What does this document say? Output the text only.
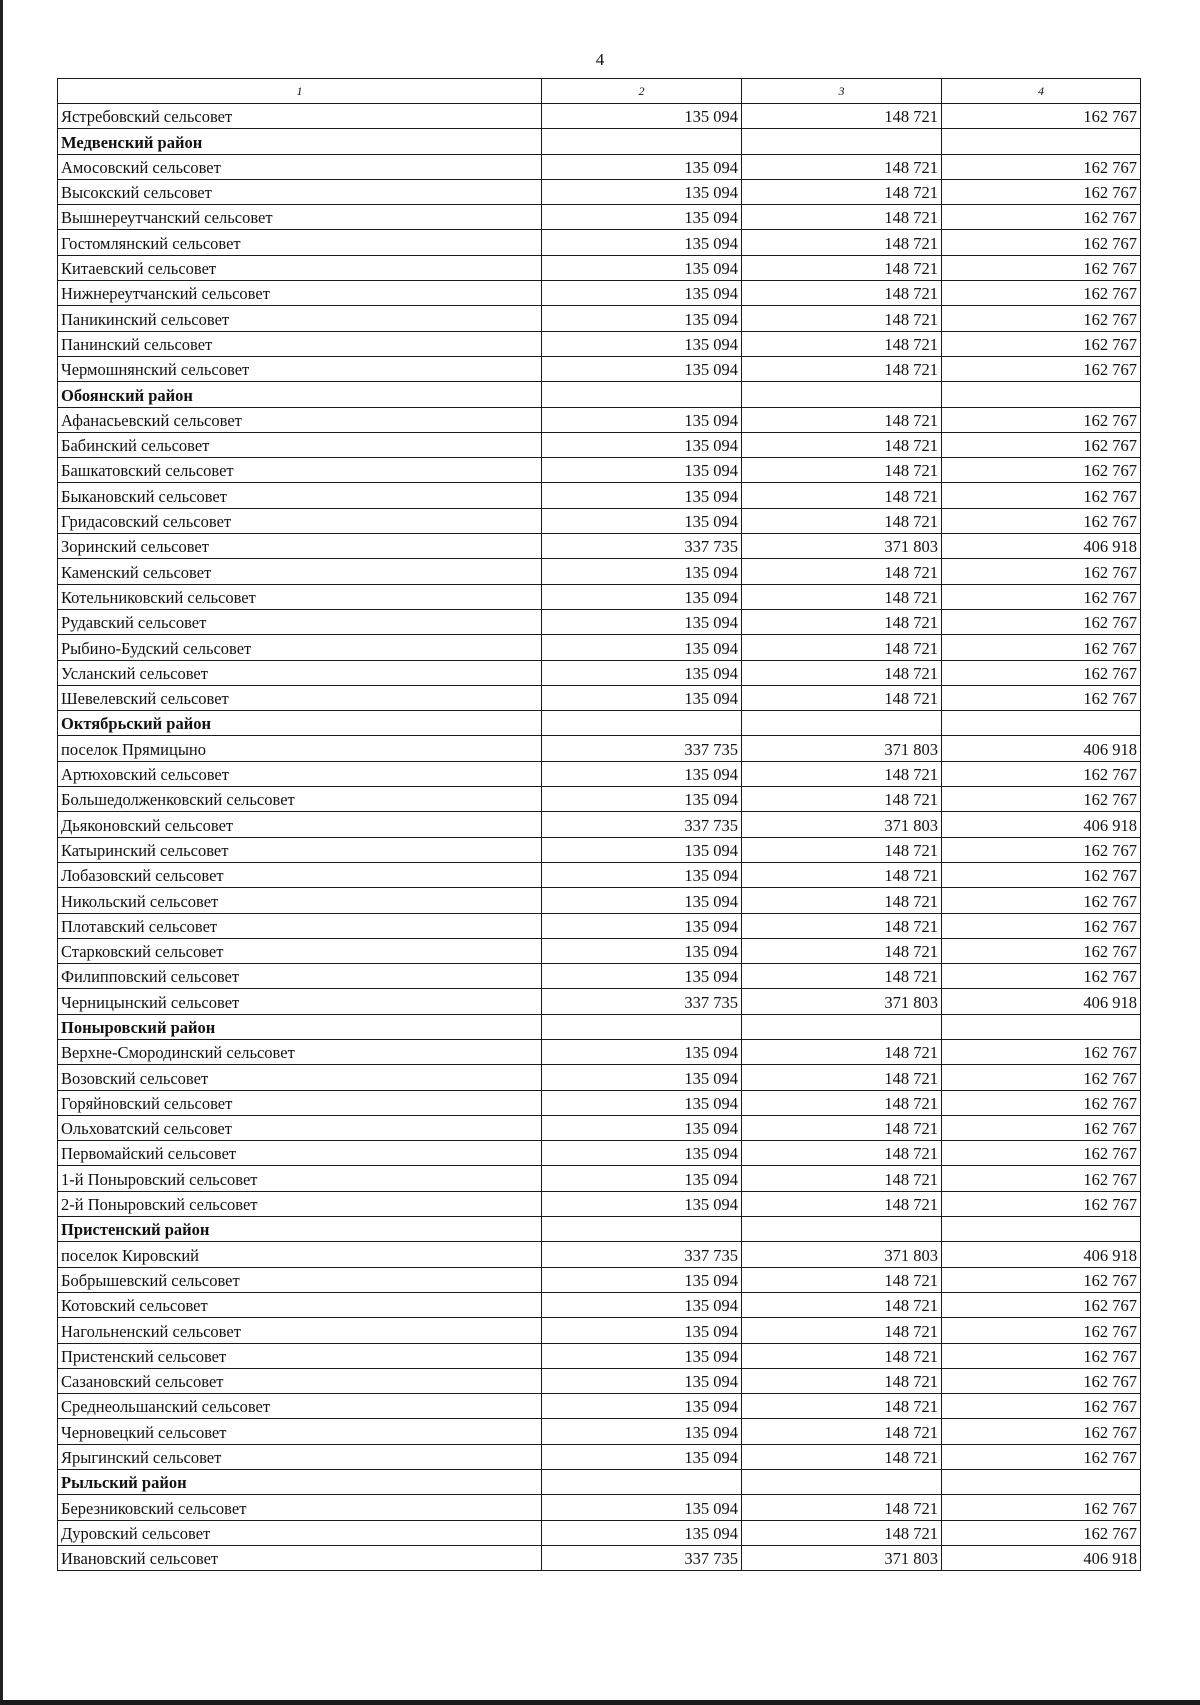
4
1	2	3	4
Ястребовский сельсовет	135 094	148 721	162 767
Медвенский район			
Амосовский сельсовет	135 094	148 721	162 767
Высокский сельсовет	135 094	148 721	162 767
Вышнереутчанский сельсовет	135 094	148 721	162 767
Гостомлянский сельсовет	135 094	148 721	162 767
Китаевский сельсовет	135 094	148 721	162 767
Нижнереутчанский сельсовет	135 094	148 721	162 767
Паникинский сельсовет	135 094	148 721	162 767
Панинский сельсовет	135 094	148 721	162 767
Чермошнянский сельсовет	135 094	148 721	162 767
Обоянский район			
Афанасьевский сельсовет	135 094	148 721	162 767
Бабинский сельсовет	135 094	148 721	162 767
Башкатовский сельсовет	135 094	148 721	162 767
Быкановский сельсовет	135 094	148 721	162 767
Гридасовский сельсовет	135 094	148 721	162 767
Зоринский сельсовет	337 735	371 803	406 918
Каменский сельсовет	135 094	148 721	162 767
Котельниковский сельсовет	135 094	148 721	162 767
Рудавский сельсовет	135 094	148 721	162 767
Рыбино-Будский сельсовет	135 094	148 721	162 767
Усланский сельсовет	135 094	148 721	162 767
Шевелевский сельсовет	135 094	148 721	162 767
Октябрьский район			
поселок Прямицыно	337 735	371 803	406 918
Артюховский сельсовет	135 094	148 721	162 767
Большедолженковский сельсовет	135 094	148 721	162 767
Дьяконовский сельсовет	337 735	371 803	406 918
Катыринский сельсовет	135 094	148 721	162 767
Лобазовский сельсовет	135 094	148 721	162 767
Никольский сельсовет	135 094	148 721	162 767
Плотавский сельсовет	135 094	148 721	162 767
Старковский сельсовет	135 094	148 721	162 767
Филипповский сельсовет	135 094	148 721	162 767
Черницынский сельсовет	337 735	371 803	406 918
Поныровский район			
Верхне-Смородинский сельсовет	135 094	148 721	162 767
Возовский сельсовет	135 094	148 721	162 767
Горяйновский сельсовет	135 094	148 721	162 767
Ольховатский сельсовет	135 094	148 721	162 767
Первомайский сельсовет	135 094	148 721	162 767
1-й Поныровский сельсовет	135 094	148 721	162 767
2-й Поныровский сельсовет	135 094	148 721	162 767
Пристенский район			
поселок Кировский	337 735	371 803	406 918
Бобрышевский сельсовет	135 094	148 721	162 767
Котовский сельсовет	135 094	148 721	162 767
Нагольненский сельсовет	135 094	148 721	162 767
Пристенский сельсовет	135 094	148 721	162 767
Сазановский сельсовет	135 094	148 721	162 767
Среднеольшанский сельсовет	135 094	148 721	162 767
Черновецкий сельсовет	135 094	148 721	162 767
Ярыгинский сельсовет	135 094	148 721	162 767
Рыльский район			
Березниковский сельсовет	135 094	148 721	162 767
Дуровский сельсовет	135 094	148 721	162 767
Ивановский сельсовет	337 735	371 803	406 918
